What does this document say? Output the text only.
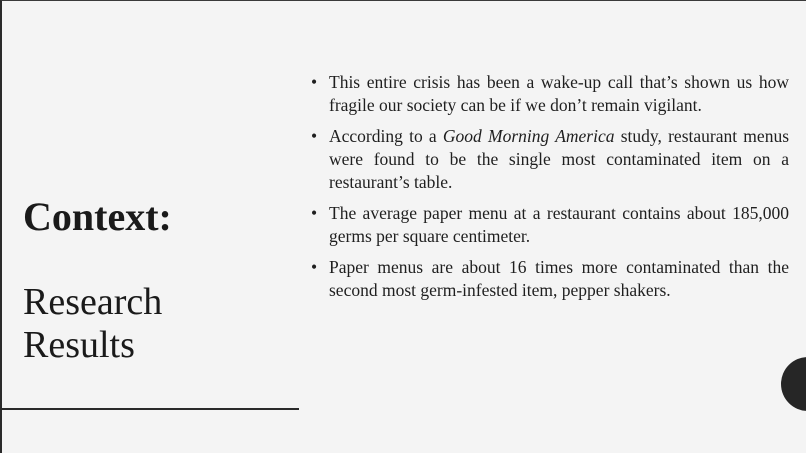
Context:
Research
Results
• This entire crisis has been a wake-up call that’s shown us how fragile our society can be if we don’t remain vigilant.
• According to a Good Morning America study, restaurant menus were found to be the single most contaminated item on a restaurant’s table.
• The average paper menu at a restaurant contains about 185,000 germs per square centimeter.
• Paper menus are about 16 times more contaminated than the second most germ-infested item, pepper shakers.
